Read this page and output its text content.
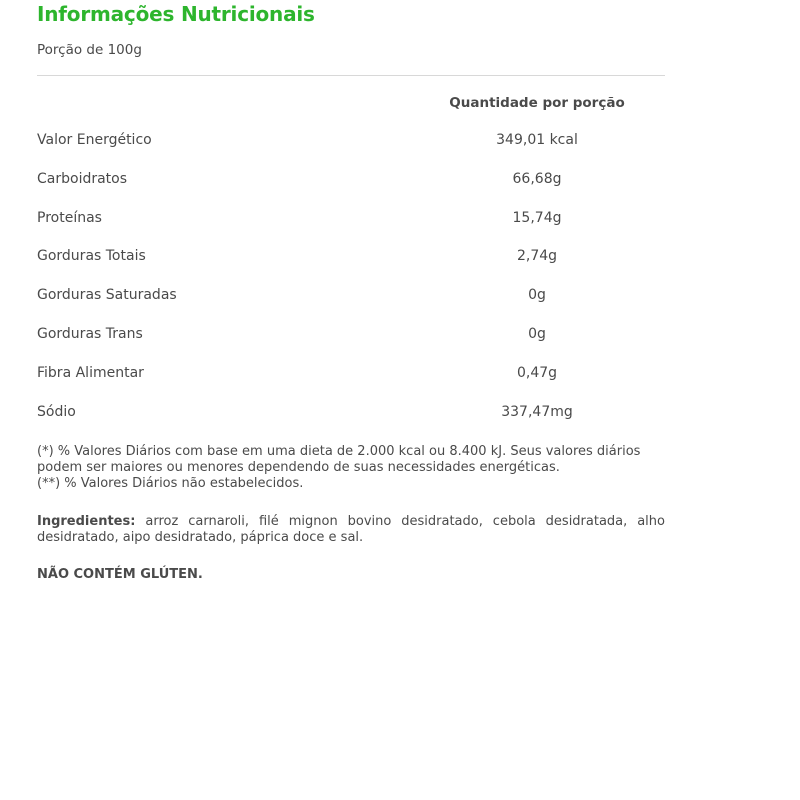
Informações Nutricionais
Porção de 100g
Quantidade por porção
Valor Energético	349,01 kcal
Carboidratos	66,68g
Proteínas	15,74g
Gorduras Totais	2,74g
Gorduras Saturadas	0g
Gorduras Trans	0g
Fibra Alimentar	0,47g
Sódio	337,47mg

(*) % Valores Diários com base em uma dieta de 2.000 kcal ou 8.400 kJ. Seus valores diários podem ser maiores ou menores dependendo de suas necessidades energéticas.

(**) % Valores Diários não estabelecidos.

Ingredientes: arroz carnaroli, filé mignon bovino desidratado, cebola desidratada, alho desidratado, aipo desidratado, páprica doce e sal.

NÃO CONTÉM GLÚTEN.
